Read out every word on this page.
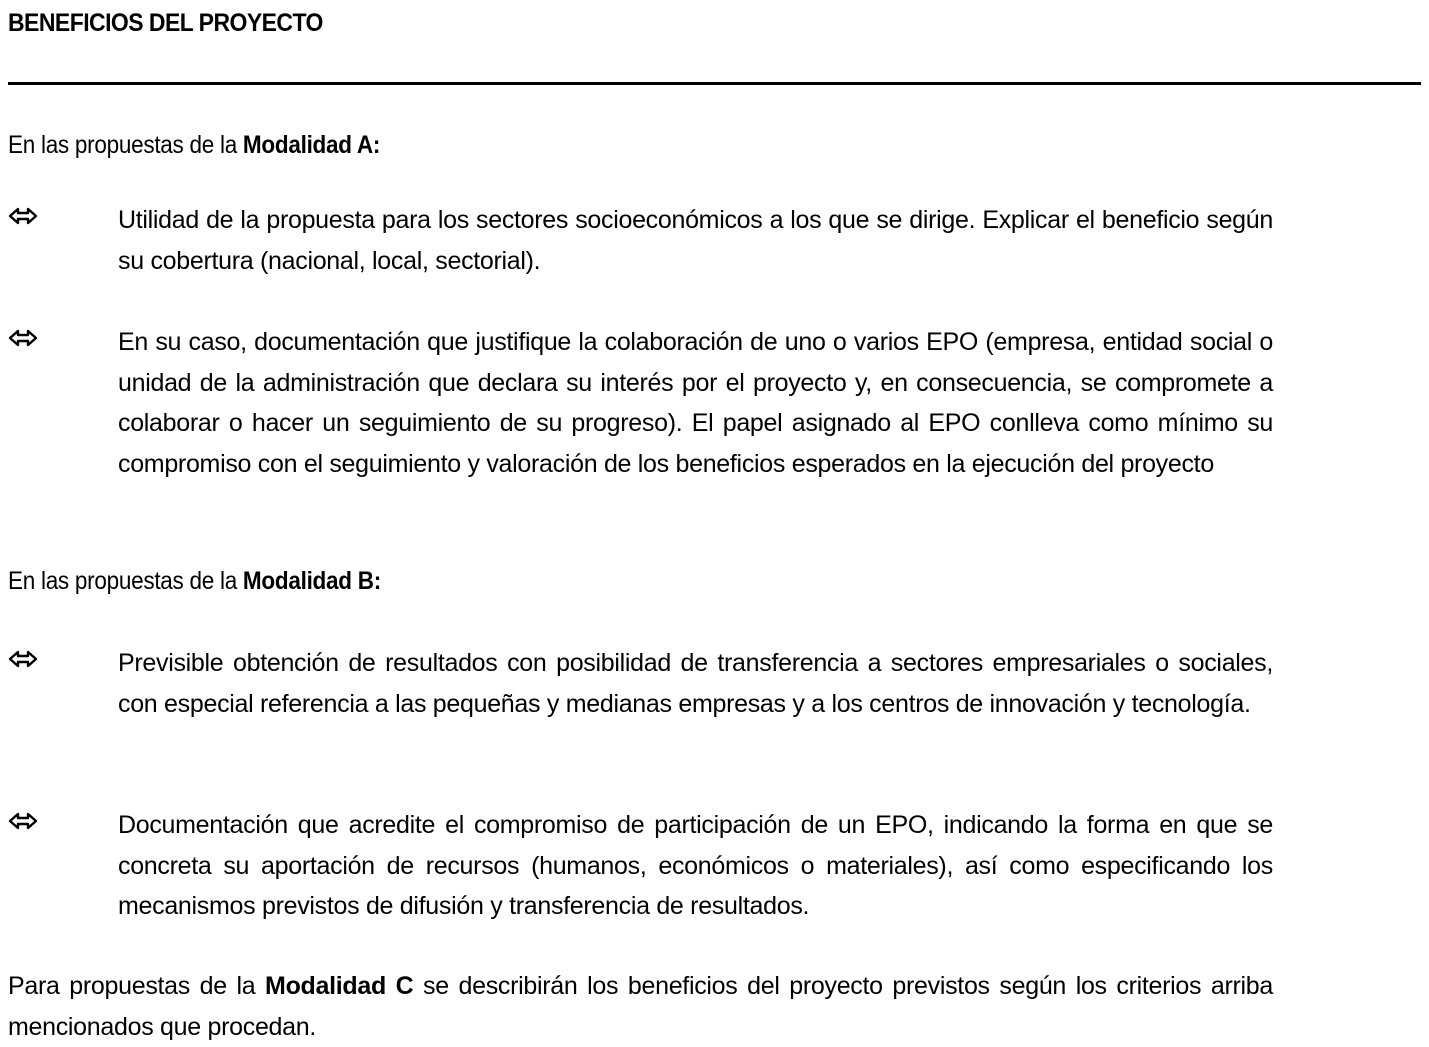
BENEFICIOS DEL PROYECTO
En las propuestas de la Modalidad A:
Utilidad de la propuesta para los sectores socioeconómicos a los que se dirige. Explicar el beneficio según su cobertura (nacional, local, sectorial).
En su caso, documentación que justifique la colaboración de uno o varios EPO (empresa, entidad social o unidad de la administración que declara su interés por el proyecto y, en consecuencia, se compromete a colaborar o hacer un seguimiento de su progreso). El papel asignado al EPO conlleva como mínimo su compromiso con el seguimiento y valoración de los beneficios esperados en la ejecución del proyecto
En las propuestas de la Modalidad B:
Previsible obtención de resultados con posibilidad de transferencia a sectores empresariales o sociales, con especial referencia a las pequeñas y medianas empresas y a los centros de innovación y tecnología.
Documentación que acredite el compromiso de participación de un EPO, indicando la forma en que se concreta su aportación de recursos (humanos, económicos o materiales), así como especificando los mecanismos previstos de difusión y transferencia de resultados.
Para propuestas de la Modalidad C se describirán los beneficios del proyecto previstos según los criterios arriba mencionados que procedan.
